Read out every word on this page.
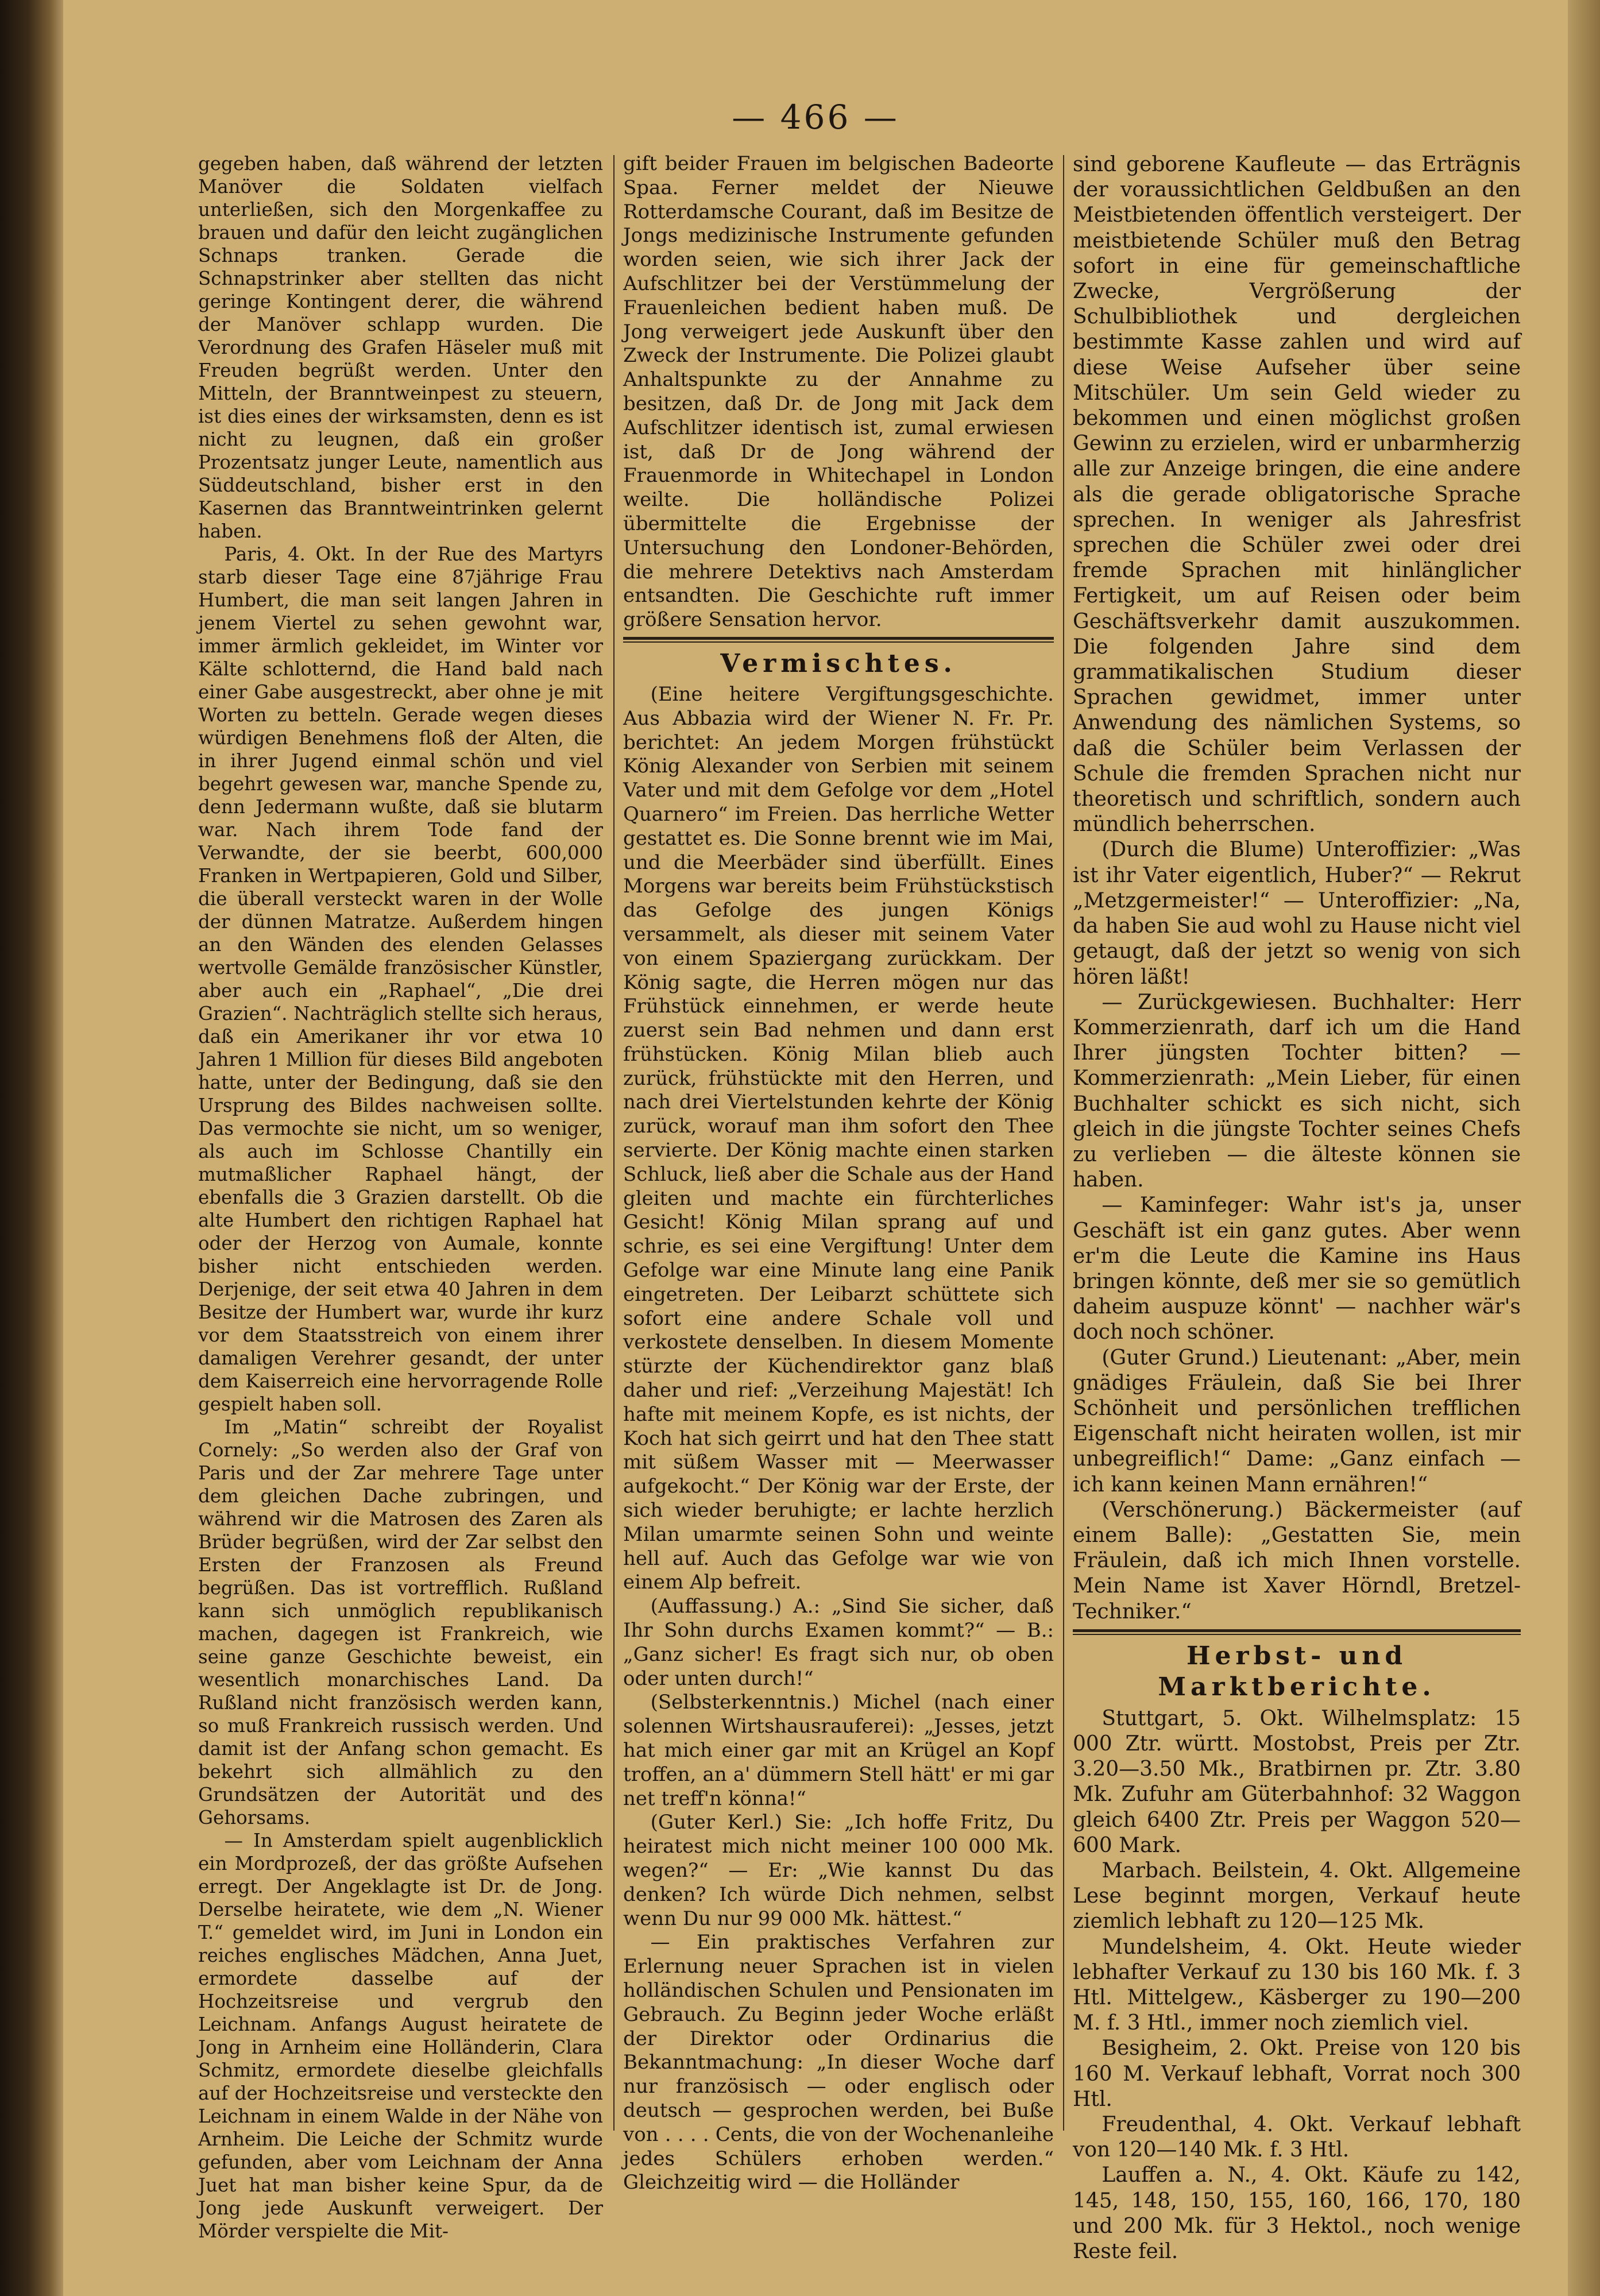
— 466 —

gegeben haben, daß während der letzten Manöver die Soldaten vielfach unterließen, sich den Morgenkaffee zu brauen und dafür den leicht zugänglichen Schnaps tranken. Gerade die Schnapstrinker aber stellten das nicht geringe Kontingent derer, die während der Manöver schlapp wurden. Die Verordnung des Grafen Häseler muß mit Freuden begrüßt werden. Unter den Mitteln, der Branntweinpest zu steuern, ist dies eines der wirksamsten, denn es ist nicht zu leugnen, daß ein großer Prozentsatz junger Leute, namentlich aus Süddeutschland, bisher erst in den Kasernen das Branntweintrinken gelernt haben.

Paris, 4. Okt. In der Rue des Martyrs starb dieser Tage eine 87jährige Frau Humbert, die man seit langen Jahren in jenem Viertel zu sehen gewohnt war, immer ärmlich gekleidet, im Winter vor Kälte schlotternd, die Hand bald nach einer Gabe ausgestreckt, aber ohne je mit Worten zu betteln. Gerade wegen dieses würdigen Benehmens floß der Alten, die in ihrer Jugend einmal schön und viel begehrt gewesen war, manche Spende zu, denn Jedermann wußte, daß sie blutarm war. Nach ihrem Tode fand der Verwandte, der sie beerbt, 600,000 Franken in Wertpapieren, Gold und Silber, die überall versteckt waren in der Wolle der dünnen Matratze. Außerdem hingen an den Wänden des elenden Gelasses wertvolle Gemälde französischer Künstler, aber auch ein „Raphael“, „Die drei Grazien“. Nachträglich stellte sich heraus, daß ein Amerikaner ihr vor etwa 10 Jahren 1 Million für dieses Bild angeboten hatte, unter der Bedingung, daß sie den Ursprung des Bildes nachweisen sollte. Das vermochte sie nicht, um so weniger, als auch im Schlosse Chantilly ein mutmaßlicher Raphael hängt, der ebenfalls die 3 Grazien darstellt. Ob die alte Humbert den richtigen Raphael hat oder der Herzog von Aumale, konnte bisher nicht entschieden werden. Derjenige, der seit etwa 40 Jahren in dem Besitze der Humbert war, wurde ihr kurz vor dem Staatsstreich von einem ihrer damaligen Verehrer gesandt, der unter dem Kaiserreich eine hervorragende Rolle gespielt haben soll.

Im „Matin“ schreibt der Royalist Cornely: „So werden also der Graf von Paris und der Zar mehrere Tage unter dem gleichen Dache zubringen, und während wir die Matrosen des Zaren als Brüder begrüßen, wird der Zar selbst den Ersten der Franzosen als Freund begrüßen. Das ist vortrefflich. Rußland kann sich unmöglich republikanisch machen, dagegen ist Frankreich, wie seine ganze Geschichte beweist, ein wesentlich monarchisches Land. Da Rußland nicht französisch werden kann, so muß Frankreich russisch werden. Und damit ist der Anfang schon gemacht. Es bekehrt sich allmählich zu den Grundsätzen der Autorität und des Gehorsams.

— In Amsterdam spielt augenblicklich ein Mordprozeß, der das größte Aufsehen erregt. Der Angeklagte ist Dr. de Jong. Derselbe heiratete, wie dem „N. Wiener T.“ gemeldet wird, im Juni in London ein reiches englisches Mädchen, Anna Juet, ermordete dasselbe auf der Hochzeitsreise und vergrub den Leichnam. Anfangs August heiratete de Jong in Arnheim eine Holländerin, Clara Schmitz, ermordete dieselbe gleichfalls auf der Hochzeitsreise und versteckte den Leichnam in einem Walde in der Nähe von Arnheim. Die Leiche der Schmitz wurde gefunden, aber vom Leichnam der Anna Juet hat man bisher keine Spur, da de Jong jede Auskunft verweigert. Der Mörder verspielte die Mit-

gift beider Frauen im belgischen Badeorte Spaa. Ferner meldet der Nieuwe Rotterdamsche Courant, daß im Besitze de Jongs medizinische Instrumente gefunden worden seien, wie sich ihrer Jack der Aufschlitzer bei der Verstümmelung der Frauenleichen bedient haben muß. De Jong verweigert jede Auskunft über den Zweck der Instrumente. Die Polizei glaubt Anhaltspunkte zu der Annahme zu besitzen, daß Dr. de Jong mit Jack dem Aufschlitzer identisch ist, zumal erwiesen ist, daß Dr de Jong während der Frauenmorde in Whitechapel in London weilte. Die holländische Polizei übermittelte die Ergebnisse der Untersuchung den Londoner-Behörden, die mehrere Detektivs nach Amsterdam entsandten. Die Geschichte ruft immer größere Sensation hervor.

Vermischtes.

(Eine heitere Vergiftungsgeschichte. Aus Abbazia wird der Wiener N. Fr. Pr. berichtet: An jedem Morgen frühstückt König Alexander von Serbien mit seinem Vater und mit dem Gefolge vor dem „Hotel Quarnero“ im Freien. Das herrliche Wetter gestattet es. Die Sonne brennt wie im Mai, und die Meerbäder sind überfüllt. Eines Morgens war bereits beim Frühstückstisch das Gefolge des jungen Königs versammelt, als dieser mit seinem Vater von einem Spaziergang zurückkam. Der König sagte, die Herren mögen nur das Frühstück einnehmen, er werde heute zuerst sein Bad nehmen und dann erst frühstücken. König Milan blieb auch zurück, frühstückte mit den Herren, und nach drei Viertelstunden kehrte der König zurück, worauf man ihm sofort den Thee servierte. Der König machte einen starken Schluck, ließ aber die Schale aus der Hand gleiten und machte ein fürchterliches Gesicht! König Milan sprang auf und schrie, es sei eine Vergiftung! Unter dem Gefolge war eine Minute lang eine Panik eingetreten. Der Leibarzt schüttete sich sofort eine andere Schale voll und verkostete denselben. In diesem Momente stürzte der Küchendirektor ganz blaß daher und rief: „Verzeihung Majestät! Ich hafte mit meinem Kopfe, es ist nichts, der Koch hat sich geirrt und hat den Thee statt mit süßem Wasser mit — Meerwasser aufgekocht.“ Der König war der Erste, der sich wieder beruhigte; er lachte herzlich Milan umarmte seinen Sohn und weinte hell auf. Auch das Gefolge war wie von einem Alp befreit.

(Auffassung.) A.: „Sind Sie sicher, daß Ihr Sohn durchs Examen kommt?“ — B.: „Ganz sicher! Es fragt sich nur, ob oben oder unten durch!“

(Selbsterkenntnis.) Michel (nach einer solennen Wirtshausrauferei): „Jesses, jetzt hat mich einer gar mit an Krügel an Kopf troffen, an a' dümmern Stell hätt' er mi gar net treff'n könna!“

(Guter Kerl.) Sie: „Ich hoffe Fritz, Du heiratest mich nicht meiner 100 000 Mk. wegen?“ — Er: „Wie kannst Du das denken? Ich würde Dich nehmen, selbst wenn Du nur 99 000 Mk. hättest.“

— Ein praktisches Verfahren zur Erlernung neuer Sprachen ist in vielen holländischen Schulen und Pensionaten im Gebrauch. Zu Beginn jeder Woche erläßt der Direktor oder Ordinarius die Bekanntmachung: „In dieser Woche darf nur französisch — oder englisch oder deutsch — gesprochen werden, bei Buße von . . . . Cents, die von der Wochenanleihe jedes Schülers erhoben werden.“ Gleichzeitig wird — die Holländer

sind geborene Kaufleute — das Erträgnis der voraussichtlichen Geldbußen an den Meistbietenden öffentlich versteigert. Der meistbietende Schüler muß den Betrag sofort in eine für gemeinschaftliche Zwecke, Vergrößerung der Schulbibliothek und dergleichen bestimmte Kasse zahlen und wird auf diese Weise Aufseher über seine Mitschüler. Um sein Geld wieder zu bekommen und einen möglichst großen Gewinn zu erzielen, wird er unbarmherzig alle zur Anzeige bringen, die eine andere als die gerade obligatorische Sprache sprechen. In weniger als Jahresfrist sprechen die Schüler zwei oder drei fremde Sprachen mit hinlänglicher Fertigkeit, um auf Reisen oder beim Geschäftsverkehr damit auszukommen. Die folgenden Jahre sind dem grammatikalischen Studium dieser Sprachen gewidmet, immer unter Anwendung des nämlichen Systems, so daß die Schüler beim Verlassen der Schule die fremden Sprachen nicht nur theoretisch und schriftlich, sondern auch mündlich beherrschen.

(Durch die Blume) Unteroffizier: „Was ist ihr Vater eigentlich, Huber?“ — Rekrut „Metzgermeister!“ — Unteroffizier: „Na, da haben Sie aud wohl zu Hause nicht viel getaugt, daß der jetzt so wenig von sich hören läßt!

— Zurückgewiesen. Buchhalter: Herr Kommerzienrath, darf ich um die Hand Ihrer jüngsten Tochter bitten? — Kommerzienrath: „Mein Lieber, für einen Buchhalter schickt es sich nicht, sich gleich in die jüngste Tochter seines Chefs zu verlieben — die älteste können sie haben.

— Kaminfeger: Wahr ist's ja, unser Geschäft ist ein ganz gutes. Aber wenn er'm die Leute die Kamine ins Haus bringen könnte, deß mer sie so gemütlich daheim auspuze könnt' — nachher wär's doch noch schöner.

(Guter Grund.) Lieutenant: „Aber, mein gnädiges Fräulein, daß Sie bei Ihrer Schönheit und persönlichen trefflichen Eigenschaft nicht heiraten wollen, ist mir unbegreiflich!“ Dame: „Ganz einfach — ich kann keinen Mann ernähren!“

(Verschönerung.) Bäckermeister (auf einem Balle): „Gestatten Sie, mein Fräulein, daß ich mich Ihnen vorstelle. Mein Name ist Xaver Hörndl, Bretzel-Techniker.“

Herbst- und Marktberichte.

Stuttgart, 5. Okt. Wilhelmsplatz: 15 000 Ztr. württ. Mostobst, Preis per Ztr. 3.20—3.50 Mk., Bratbirnen pr. Ztr. 3.80 Mk. Zufuhr am Güterbahnhof: 32 Waggon gleich 6400 Ztr. Preis per Waggon 520—600 Mark.

Marbach. Beilstein, 4. Okt. Allgemeine Lese beginnt morgen, Verkauf heute ziemlich lebhaft zu 120—125 Mk.

Mundelsheim, 4. Okt. Heute wieder lebhafter Verkauf zu 130 bis 160 Mk. f. 3 Htl. Mittelgew., Käsberger zu 190—200 M. f. 3 Htl., immer noch ziemlich viel.

Besigheim, 2. Okt. Preise von 120 bis 160 M. Verkauf lebhaft, Vorrat noch 300 Htl.

Freudenthal, 4. Okt. Verkauf lebhaft von 120—140 Mk. f. 3 Htl.

Lauffen a. N., 4. Okt. Käufe zu 142, 145, 148, 150, 155, 160, 166, 170, 180 und 200 Mk. für 3 Hektol., noch wenige Reste feil.
